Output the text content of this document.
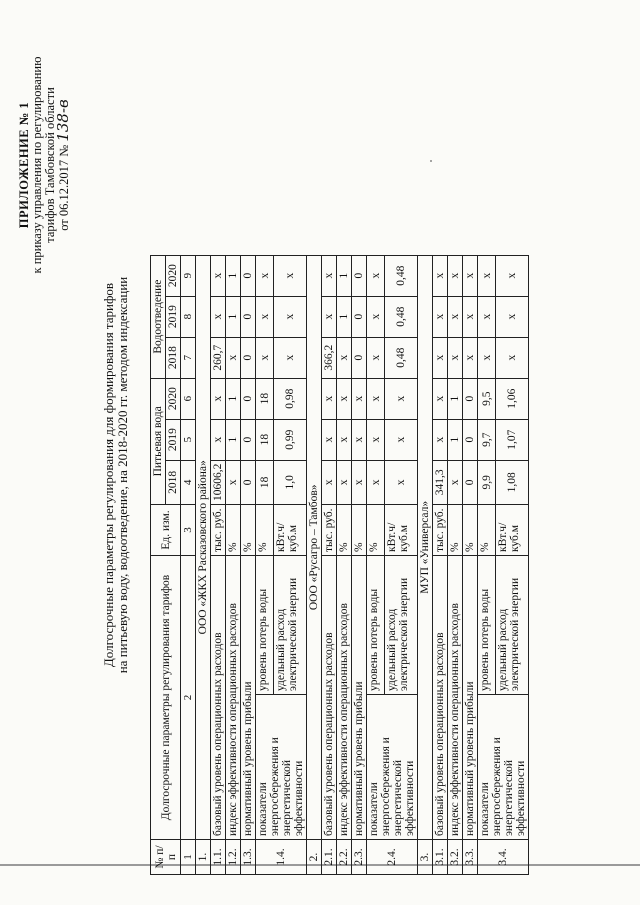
ПРИЛОЖЕНИЕ № 1 к приказу управления по регулированию тарифов Тамбовской области от 06.12.2017 № 138-в
Долгосрочные параметры регулирования для формирования тарифов на питьевую воду, водоотведение, на 2018-2020 гг. методом индексации
№ п/п	Долгосрочные параметры регулирования тарифов		Ед. изм.	Питьевая вода			Водоотведение		
				2018	2019	2020	2018	2019	2020
1	2		3	4	5	6	7	8	9
1.	ООО «ЖКХ Расказовского района»								
1.1.	базовый уровень операционных расходов		тыс. руб.	10606,2	х	х	260,7	х	х
1.2.	индекс эффективности операционных расходов		%	х	1	1	х	1	1
1.3.	нормативный уровень прибыли		%	0	0	0	0	0	0
1.4.	показатели энергосбережения и энергетической эффективности	уровень потерь воды	%	18	18	18	х	х	х
		удельный расход электрической энергии	кВт.ч/ куб.м	1,0	0,99	0,98	х	х	х
2.	ООО «Русагро – Тамбов»								
2.1.	базовый уровень операционных расходов		тыс. руб.	х	х	х	366,2	х	х
2.2.	индекс эффективности операционных расходов		%	х	х	х	х	1	1
2.3.	нормативный уровень прибыли		%	х	х	х	0	0	0
2.4.	показатели энергосбережения и энергетической эффективности	уровень потерь воды	%	х	х	х	х	х	х
		удельный расход электрической энергии	кВт.ч/ куб.м	х	х	х	0,48	0,48	0,48
3.	МУП «Универсал»								
3.1.	базовый уровень операционных расходов		тыс. руб.	341,3	х	х	х	х	х
3.2.	индекс эффективности операционных расходов		%	х	1	1	х	х	х
3.3.	нормативный уровень прибыли		%	0	0	0	х	х	х
3.4.	показатели энергосбережения и энергетической эффективности	уровень потерь воды	%	9,9	9,7	9,5	х	х	х
		удельный расход электрической энергии	кВт.ч/ куб.м	1,08	1,07	1,06	х	х	х
